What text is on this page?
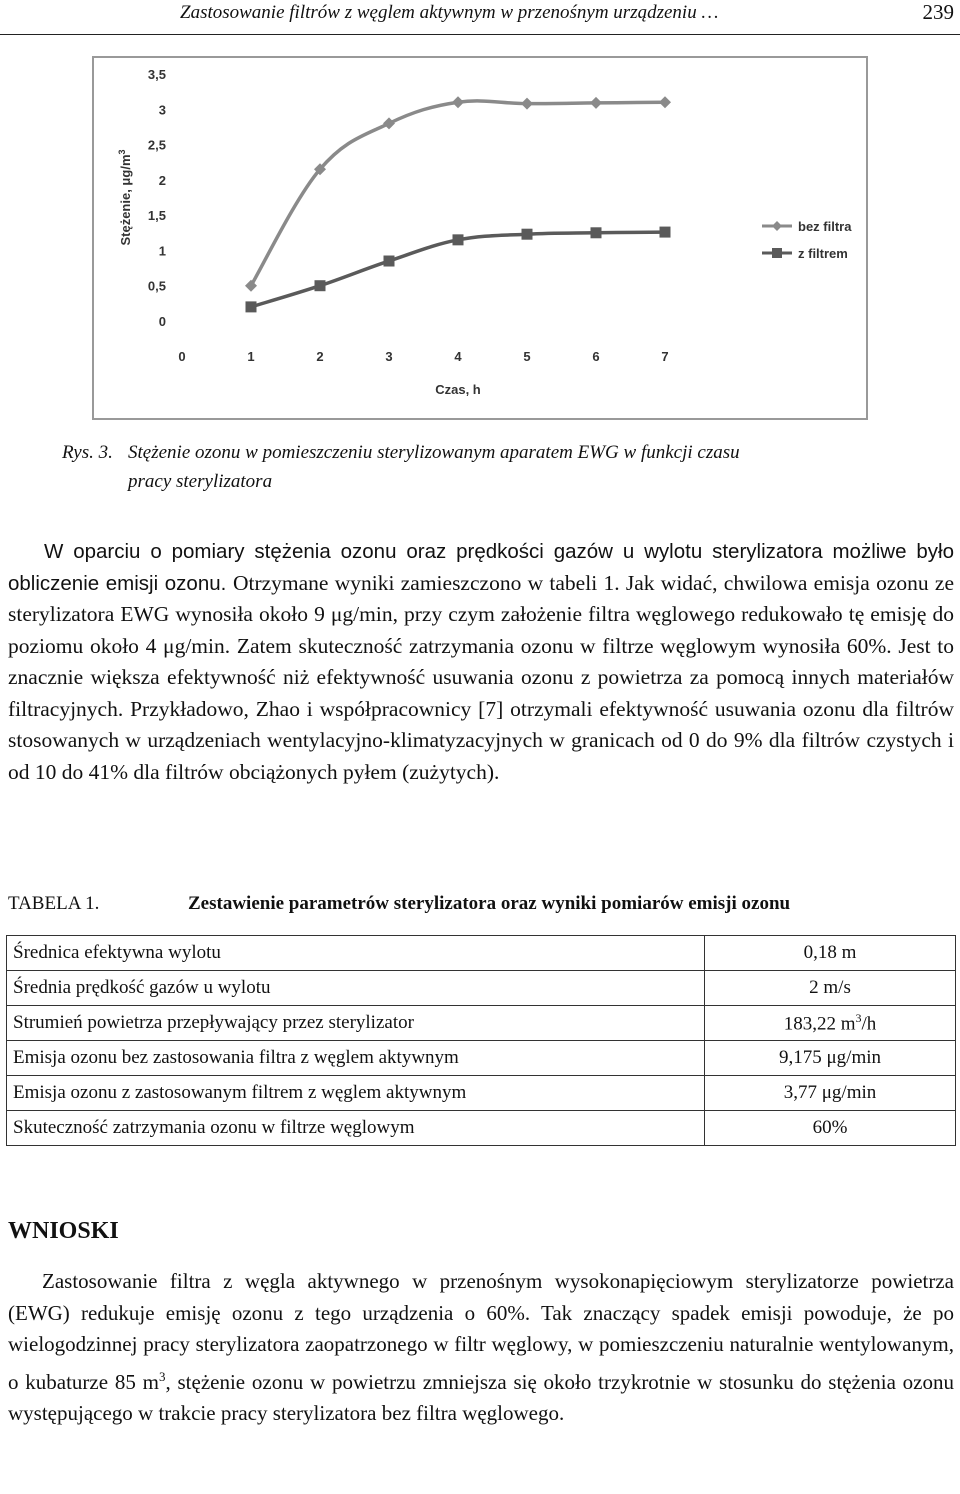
Zastosowanie filtrów z węglem aktywnym w przenośnym urządzeniu …	239
0
0,5
1
1,5
2
2,5
3
3,5
0	1	2	3	4	5	6	7
Czas, h
Stężenie, $\mu g/m^3$
bez filtra
z filtrem
Rys. 3. Stężenie ozonu w pomieszczeniu sterylizowanym aparatem EWG w funkcji czasu
pracy sterylizatora

W oparciu o pomiary stężenia ozonu oraz prędkości gazów u wylotu sterylizatora możliwe było obliczenie emisji ozonu. Otrzymane wyniki zamieszczono w tabeli 1. Jak widać, chwilowa emisja ozonu ze sterylizatora EWG wynosiła około 9 μg/min, przy czym założenie filtra węglowego redukowało tę emisję do poziomu około 4 μg/min. Zatem skuteczność zatrzymania ozonu w filtrze węglowym wynosiła 60%. Jest to znacznie większa efektywność niż efektywność usuwania ozonu z powietrza za pomocą innych materiałów filtracyjnych. Przykładowo, Zhao i współpracownicy [7] otrzymali efektywność usuwania ozonu dla filtrów stosowanych w urządzeniach wentylacyjno-klimatyzacyjnych w granicach od 0 do 9% dla filtrów czystych i od 10 do 41% dla filtrów obciążonych pyłem (zużytych).

TABELA 1.	Zestawienie parametrów sterylizatora oraz wyniki pomiarów emisji ozonu
Średnica efektywna wylotu	0,18 m
Średnia prędkość gazów u wylotu	2 m/s
Strumień powietrza przepływający przez sterylizator	183,22 $m^3/h$
Emisja ozonu bez zastosowania filtra z węglem aktywnym	9,175 μg/min
Emisja ozonu z zastosowanym filtrem z węglem aktywnym	3,77 μg/min
Skuteczność zatrzymania ozonu w filtrze węglowym	60%
WNIOSKI

Zastosowanie filtra z węgla aktywnego w przenośnym wysokonapięciowym sterylizatorze powietrza (EWG) redukuje emisję ozonu z tego urządzenia o 60%. Tak znaczący spadek emisji powoduje, że po wielogodzinnej pracy sterylizatora zaopatrzonego w filtr węglowy, w pomieszczeniu naturalnie wentylowanym, o kubaturze 85 $m^3$, stężenie ozonu w powietrzu zmniejsza się około trzykrotnie w stosunku do stężenia ozonu występującego w trakcie pracy sterylizatora bez filtra węglowego.
